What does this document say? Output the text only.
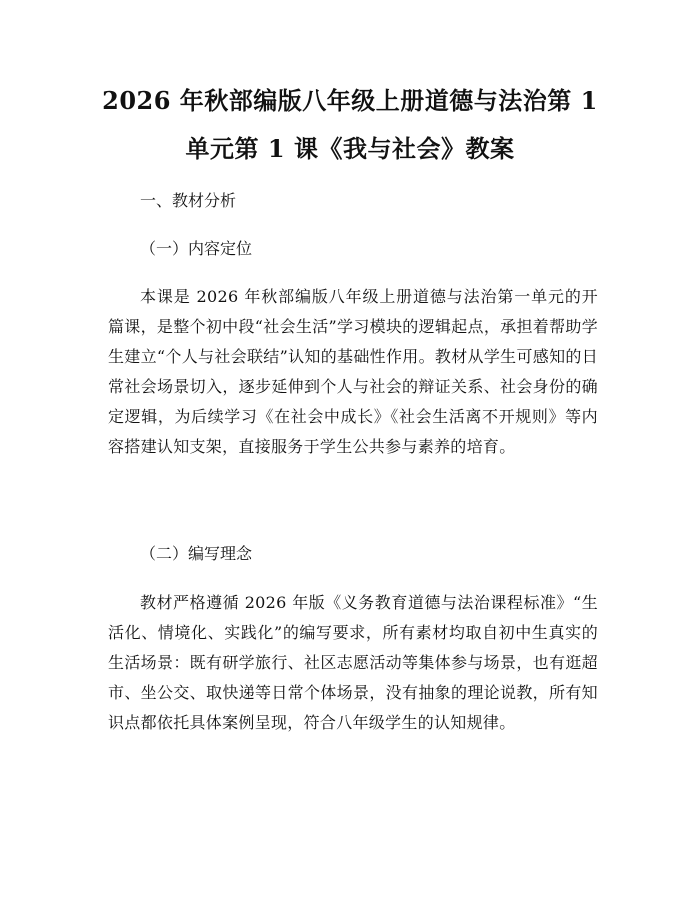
2026 年秋部编版八年级上册道德与法治第 1
单元第 1 课《我与社会》教案
一、教材分析
（一）内容定位

本课是 2026 年秋部编版八年级上册道德与法治第一单元的开篇课，是整个初中段“社会生活”学习模块的逻辑起点，承担着帮助学生建立“个人与社会联结”认知的基础性作用。教材从学生可感知的日常社会场景切入，逐步延伸到个人与社会的辩证关系、社会身份的确定逻辑，为后续学习《在社会中成长》《社会生活离不开规则》等内容搭建认知支架，直接服务于学生公共参与素养的培育。

（二）编写理念

教材严格遵循 2026 年版《义务教育道德与法治课程标准》“生活化、情境化、实践化”的编写要求，所有素材均取自初中生真实的生活场景：既有研学旅行、社区志愿活动等集体参与场景，也有逛超市、坐公交、取快递等日常个体场景，没有抽象的理论说教，所有知识点都依托具体案例呈现，符合八年级学生的认知规律。
